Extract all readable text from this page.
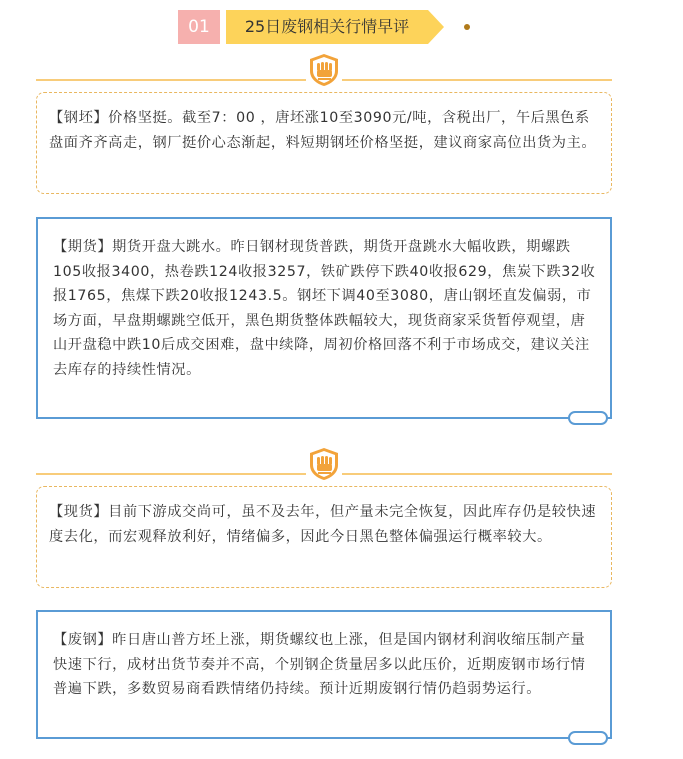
01	25日废钢相关行情早评
【钢坯】价格坚挺。截至7：00 ，唐坯涨10至3090元/吨，含税出厂，午后黑色系盘面齐齐高走，钢厂挺价心态渐起，料短期钢坯价格坚挺，建议商家高位出货为主。
【期货】期货开盘大跳水。昨日钢材现货普跌，期货开盘跳水大幅收跌，期螺跌105收报3400，热卷跌124收报3257，铁矿跌停下跌40收报629，焦炭下跌32收报1765，焦煤下跌20收报1243.5。钢坯下调40至3080，唐山钢坯直发偏弱，市场方面，早盘期螺跳空低开，黑色期货整体跌幅较大，现货商家采货暂停观望，唐山开盘稳中跌10后成交困难，盘中续降，周初价格回落不利于市场成交，建议关注去库存的持续性情况。
【现货】目前下游成交尚可，虽不及去年，但产量未完全恢复，因此库存仍是较快速度去化，而宏观释放利好，情绪偏多，因此今日黑色整体偏强运行概率较大。
【废钢】昨日唐山普方坯上涨，期货螺纹也上涨，但是国内钢材利润收缩压制产量快速下行，成材出货节奏并不高，个别钢企货量居多以此压价，近期废钢市场行情普遍下跌，多数贸易商看跌情绪仍持续。预计近期废钢行情仍趋弱势运行。
